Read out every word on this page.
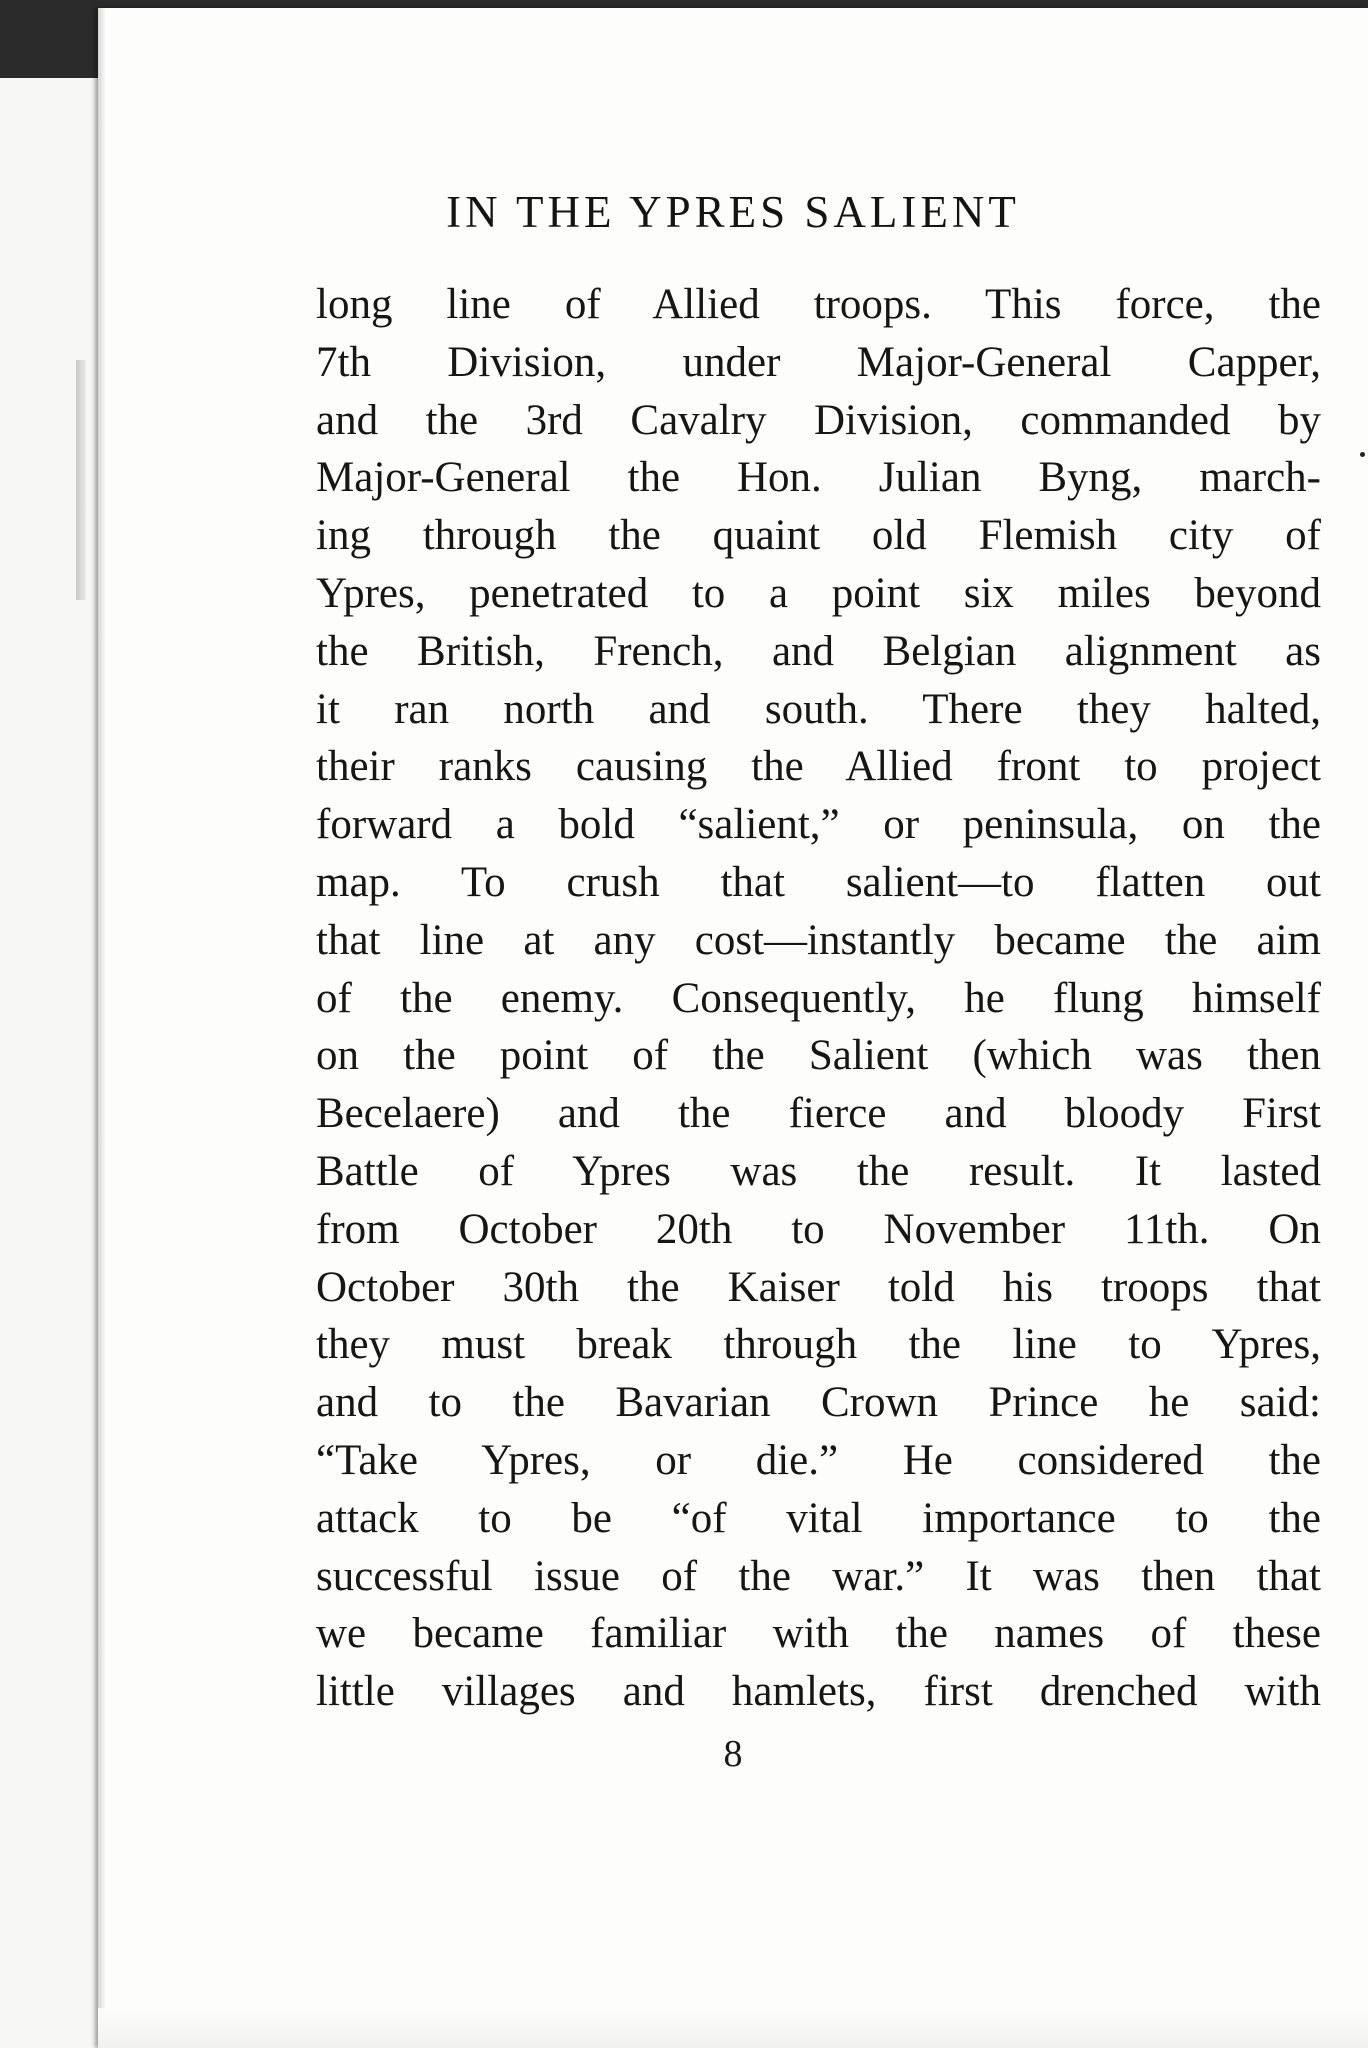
IN THE YPRES SALIENT
long line of Allied troops. This force, the
7th Division, under Major-General Capper,
and the 3rd Cavalry Division, commanded by
Major-General the Hon. Julian Byng, march-
ing through the quaint old Flemish city of
Ypres, penetrated to a point six miles beyond
the British, French, and Belgian alignment as
it ran north and south. There they halted,
their ranks causing the Allied front to project
forward a bold “salient,” or peninsula, on the
map. To crush that salient—to flatten out
that line at any cost—instantly became the aim
of the enemy. Consequently, he flung himself
on the point of the Salient (which was then
Becelaere) and the fierce and bloody First
Battle of Ypres was the result. It lasted
from October 20th to November 11th. On
October 30th the Kaiser told his troops that
they must break through the line to Ypres,
and to the Bavarian Crown Prince he said:
“Take Ypres, or die.” He considered the
attack to be “of vital importance to the
successful issue of the war.” It was then that
we became familiar with the names of these
little villages and hamlets, first drenched with
8
